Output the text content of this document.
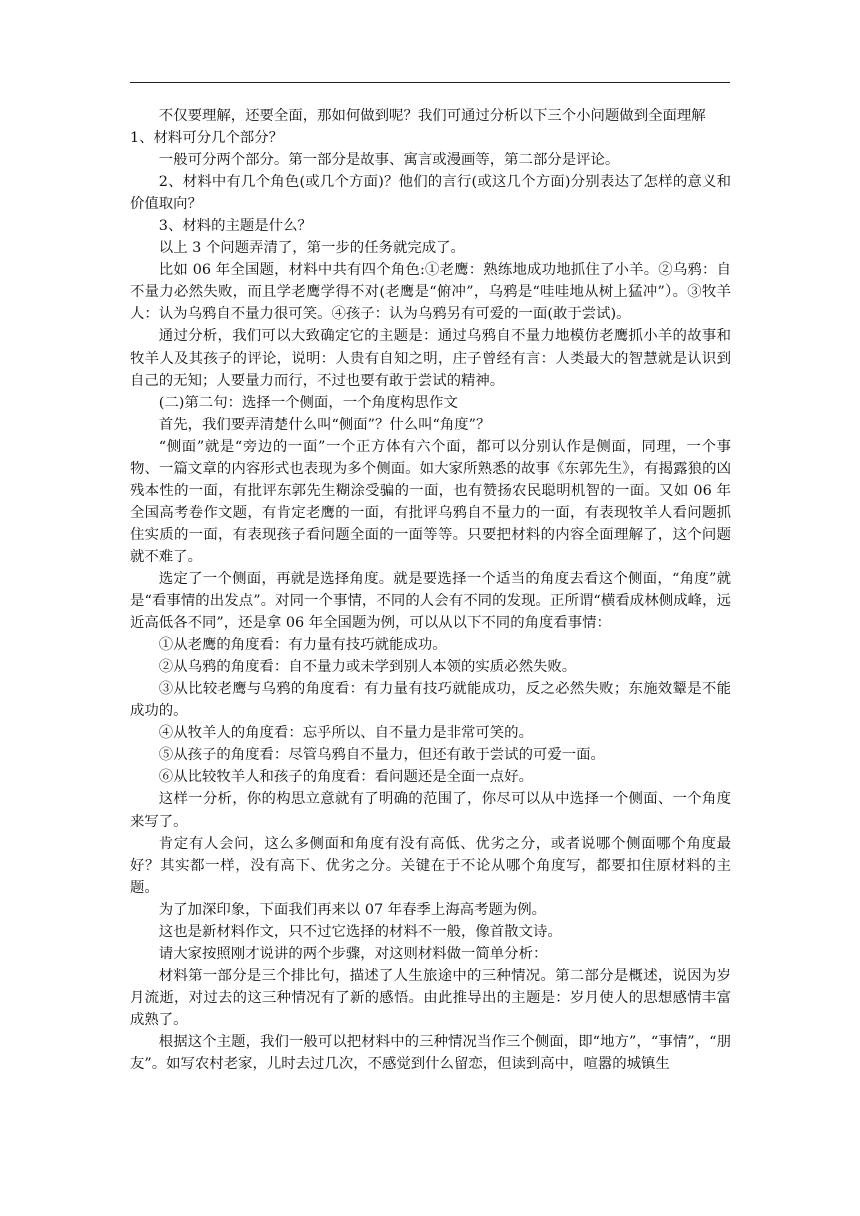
不仅要理解，还要全面，那如何做到呢？我们可通过分析以下三个小问题做到全面理解

1、材料可分几个部分？

一般可分两个部分。第一部分是故事、寓言或漫画等，第二部分是评论。

2、材料中有几个角色(或几个方面)？他们的言行(或这几个方面)分别表达了怎样的意义和价值取向？

3、材料的主题是什么？

以上 3 个问题弄清了，第一步的任务就完成了。

比如 06 年全国题，材料中共有四个角色:①老鹰：熟练地成功地抓住了小羊。②乌鸦：自不量力必然失败，而且学老鹰学得不对(老鹰是“俯冲”，乌鸦是“哇哇地从树上猛冲”）。③牧羊人：认为乌鸦自不量力很可笑。④孩子：认为乌鸦另有可爱的一面(敢于尝试)。

通过分析，我们可以大致确定它的主题是：通过乌鸦自不量力地模仿老鹰抓小羊的故事和牧羊人及其孩子的评论，说明：人贵有自知之明，庄子曾经有言：人类最大的智慧就是认识到自己的无知；人要量力而行，不过也要有敢于尝试的精神。

(二)第二句：选择一个侧面，一个角度构思作文

首先，我们要弄清楚什么叫“侧面”？什么叫“角度”？

“侧面”就是“旁边的一面”一个正方体有六个面，都可以分别认作是侧面，同理，一个事物、一篇文章的内容形式也表现为多个侧面。如大家所熟悉的故事《东郭先生》，有揭露狼的凶残本性的一面，有批评东郭先生糊涂受骗的一面，也有赞扬农民聪明机智的一面。又如 06 年全国高考卷作文题，有肯定老鹰的一面，有批评乌鸦自不量力的一面，有表现牧羊人看问题抓住实质的一面，有表现孩子看问题全面的一面等等。只要把材料的内容全面理解了，这个问题就不难了。

选定了一个侧面，再就是选择角度。就是要选择一个适当的角度去看这个侧面，“角度”就是“看事情的出发点”。对同一个事情，不同的人会有不同的发现。正所谓“横看成林侧成峰，远近高低各不同”，还是拿 06 年全国题为例，可以从以下不同的角度看事情：

①从老鹰的角度看：有力量有技巧就能成功。

②从乌鸦的角度看：自不量力或未学到别人本领的实质必然失败。

③从比较老鹰与乌鸦的角度看：有力量有技巧就能成功，反之必然失败；东施效颦是不能成功的。

④从牧羊人的角度看：忘乎所以、自不量力是非常可笑的。

⑤从孩子的角度看：尽管乌鸦自不量力，但还有敢于尝试的可爱一面。

⑥从比较牧羊人和孩子的角度看：看问题还是全面一点好。

这样一分析，你的构思立意就有了明确的范围了，你尽可以从中选择一个侧面、一个角度来写了。

肯定有人会问，这么多侧面和角度有没有高低、优劣之分，或者说哪个侧面哪个角度最好？其实都一样，没有高下、优劣之分。关键在于不论从哪个角度写，都要扣住原材料的主题。

为了加深印象，下面我们再来以 07 年春季上海高考题为例。

这也是新材料作文，只不过它选择的材料不一般，像首散文诗。

请大家按照刚才说讲的两个步骤，对这则材料做一简单分析：

材料第一部分是三个排比句，描述了人生旅途中的三种情况。第二部分是概述，说因为岁月流逝，对过去的这三种情况有了新的感悟。由此推导出的主题是：岁月使人的思想感情丰富成熟了。

根据这个主题，我们一般可以把材料中的三种情况当作三个侧面，即“地方”，“事情”，“朋友”。如写农村老家，儿时去过几次，不感觉到什么留恋，但读到高中，喧嚣的城镇生
